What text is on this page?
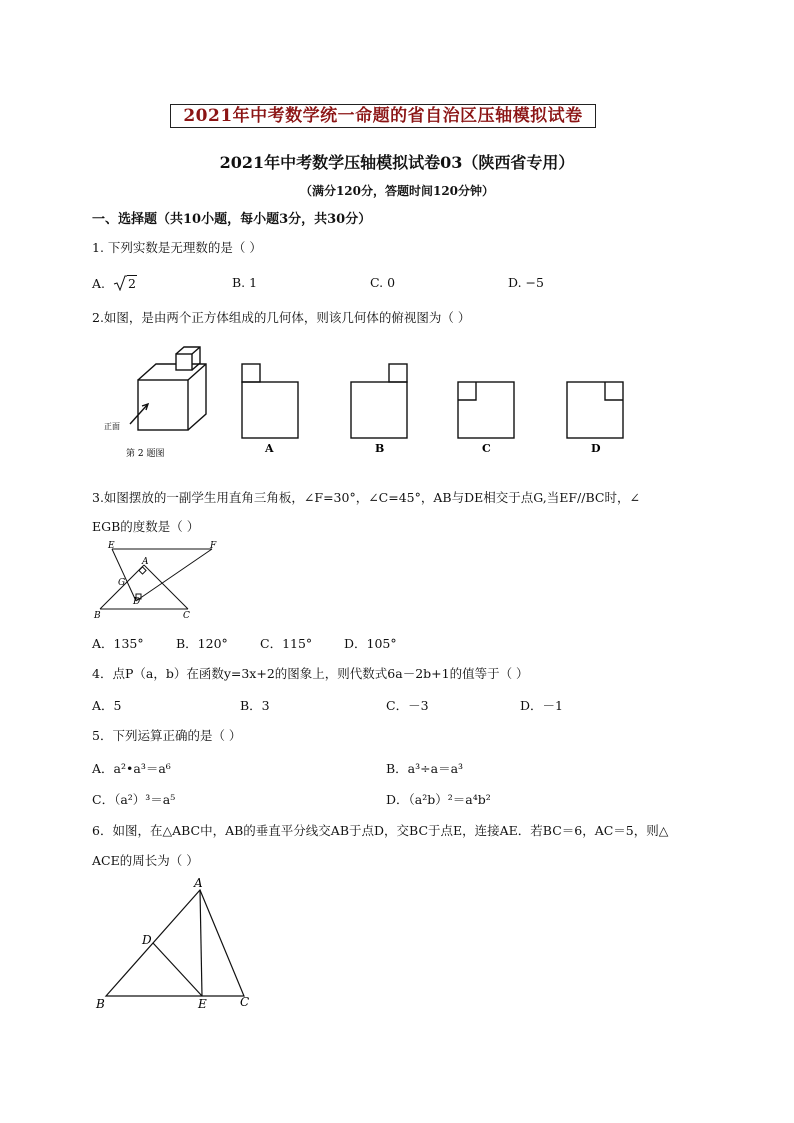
2021年中考数学统一命题的省自治区压轴模拟试卷
2021年中考数学压轴模拟试卷03（陕西省专用）
（满分120分，答题时间120分钟）
一、选择题（共10小题，每小题3分，共30分）
1. 下列实数是无理数的是（ ）
A. 2	B. 1	C. 0	D. −5
2.如图，是由两个正方体组成的几何体，则该几何体的俯视图为（ ）
正面
第 2 题图	A	B	C	D
3.如图摆放的一副学生用直角三角板，∠F=30°，∠C=45°，AB与DE相交于点G,当EF//BC时，∠
EGB的度数是（ ）
E	F
A
G
D
B	C
A．135°	B．120°	C．115°	D．105°
4．点P（a，b）在函数y=3x+2的图象上，则代数式6a－2b+1的值等于（ ）
A．5	B．3	C．－3	D．－1
5．下列运算正确的是（ ）
A．a²•a³＝a⁶	B．a³÷a＝a³
C．（a²）³＝a⁵	D．（a²b）²＝a⁴b²
6．如图，在△ABC中，AB的垂直平分线交AB于点D，交BC于点E，连接AE．若BC＝6，AC＝5，则△
ACE的周长为（ ）
A
D
B	E	C
